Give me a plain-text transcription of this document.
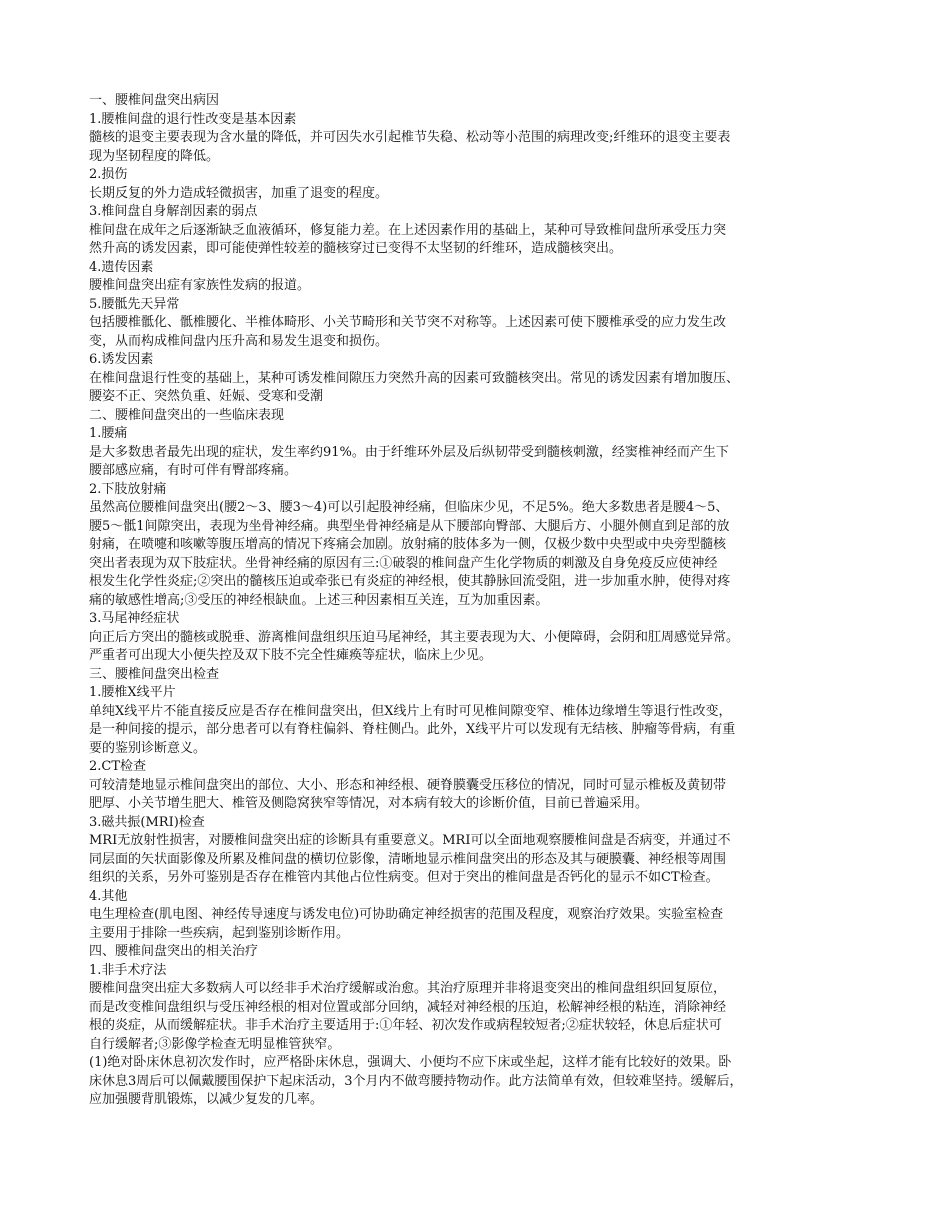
一、腰椎间盘突出病因

1.腰椎间盘的退行性改变是基本因素

髓核的退变主要表现为含水量的降低，并可因失水引起椎节失稳、松动等小范围的病理改变;纤维环的退变主要表

现为坚韧程度的降低。

2.损伤

长期反复的外力造成轻微损害，加重了退变的程度。

3.椎间盘自身解剖因素的弱点

椎间盘在成年之后逐渐缺乏血液循环，修复能力差。在上述因素作用的基础上，某种可导致椎间盘所承受压力突

然升高的诱发因素，即可能使弹性较差的髓核穿过已变得不太坚韧的纤维环，造成髓核突出。

4.遗传因素

腰椎间盘突出症有家族性发病的报道。

5.腰骶先天异常

包括腰椎骶化、骶椎腰化、半椎体畸形、小关节畸形和关节突不对称等。上述因素可使下腰椎承受的应力发生改

变，从而构成椎间盘内压升高和易发生退变和损伤。

6.诱发因素

在椎间盘退行性变的基础上，某种可诱发椎间隙压力突然升高的因素可致髓核突出。常见的诱发因素有增加腹压、

腰姿不正、突然负重、妊娠、受寒和受潮

二、腰椎间盘突出的一些临床表现

1.腰痛

是大多数患者最先出现的症状，发生率约91%。由于纤维环外层及后纵韧带受到髓核刺激，经窦椎神经而产生下

腰部感应痛，有时可伴有臀部疼痛。

2.下肢放射痛

虽然高位腰椎间盘突出(腰2～3、腰3～4)可以引起股神经痛，但临床少见，不足5%。绝大多数患者是腰4～5、

腰5～骶1间隙突出，表现为坐骨神经痛。典型坐骨神经痛是从下腰部向臀部、大腿后方、小腿外侧直到足部的放

射痛，在喷嚏和咳嗽等腹压增高的情况下疼痛会加剧。放射痛的肢体多为一侧，仅极少数中央型或中央旁型髓核

突出者表现为双下肢症状。坐骨神经痛的原因有三:①破裂的椎间盘产生化学物质的刺激及自身免疫反应使神经

根发生化学性炎症;②突出的髓核压迫或牵张已有炎症的神经根，使其静脉回流受阻，进一步加重水肿，使得对疼

痛的敏感性增高;③受压的神经根缺血。上述三种因素相互关连，互为加重因素。

3.马尾神经症状

向正后方突出的髓核或脱垂、游离椎间盘组织压迫马尾神经，其主要表现为大、小便障碍，会阴和肛周感觉异常。

严重者可出现大小便失控及双下肢不完全性瘫痪等症状，临床上少见。

三、腰椎间盘突出检查

1.腰椎X线平片

单纯X线平片不能直接反应是否存在椎间盘突出，但X线片上有时可见椎间隙变窄、椎体边缘增生等退行性改变，

是一种间接的提示，部分患者可以有脊柱偏斜、脊柱侧凸。此外，X线平片可以发现有无结核、肿瘤等骨病，有重

要的鉴别诊断意义。

2.CT检查

可较清楚地显示椎间盘突出的部位、大小、形态和神经根、硬脊膜囊受压移位的情况，同时可显示椎板及黄韧带

肥厚、小关节增生肥大、椎管及侧隐窝狭窄等情况，对本病有较大的诊断价值，目前已普遍采用。

3.磁共振(MRI)检查

MRI无放射性损害，对腰椎间盘突出症的诊断具有重要意义。MRI可以全面地观察腰椎间盘是否病变，并通过不

同层面的矢状面影像及所累及椎间盘的横切位影像，清晰地显示椎间盘突出的形态及其与硬膜囊、神经根等周围

组织的关系，另外可鉴别是否存在椎管内其他占位性病变。但对于突出的椎间盘是否钙化的显示不如CT检查。

4.其他

电生理检查(肌电图、神经传导速度与诱发电位)可协助确定神经损害的范围及程度，观察治疗效果。实验室检查

主要用于排除一些疾病，起到鉴别诊断作用。

四、腰椎间盘突出的相关治疗

1.非手术疗法

腰椎间盘突出症大多数病人可以经非手术治疗缓解或治愈。其治疗原理并非将退变突出的椎间盘组织回复原位，

而是改变椎间盘组织与受压神经根的相对位置或部分回纳，减轻对神经根的压迫，松解神经根的粘连，消除神经

根的炎症，从而缓解症状。非手术治疗主要适用于:①年轻、初次发作或病程较短者;②症状较轻，休息后症状可

自行缓解者;③影像学检查无明显椎管狭窄。

(1)绝对卧床休息初次发作时，应严格卧床休息，强调大、小便均不应下床或坐起，这样才能有比较好的效果。卧

床休息3周后可以佩戴腰围保护下起床活动，3个月内不做弯腰持物动作。此方法简单有效，但较难坚持。缓解后，

应加强腰背肌锻炼，以减少复发的几率。
